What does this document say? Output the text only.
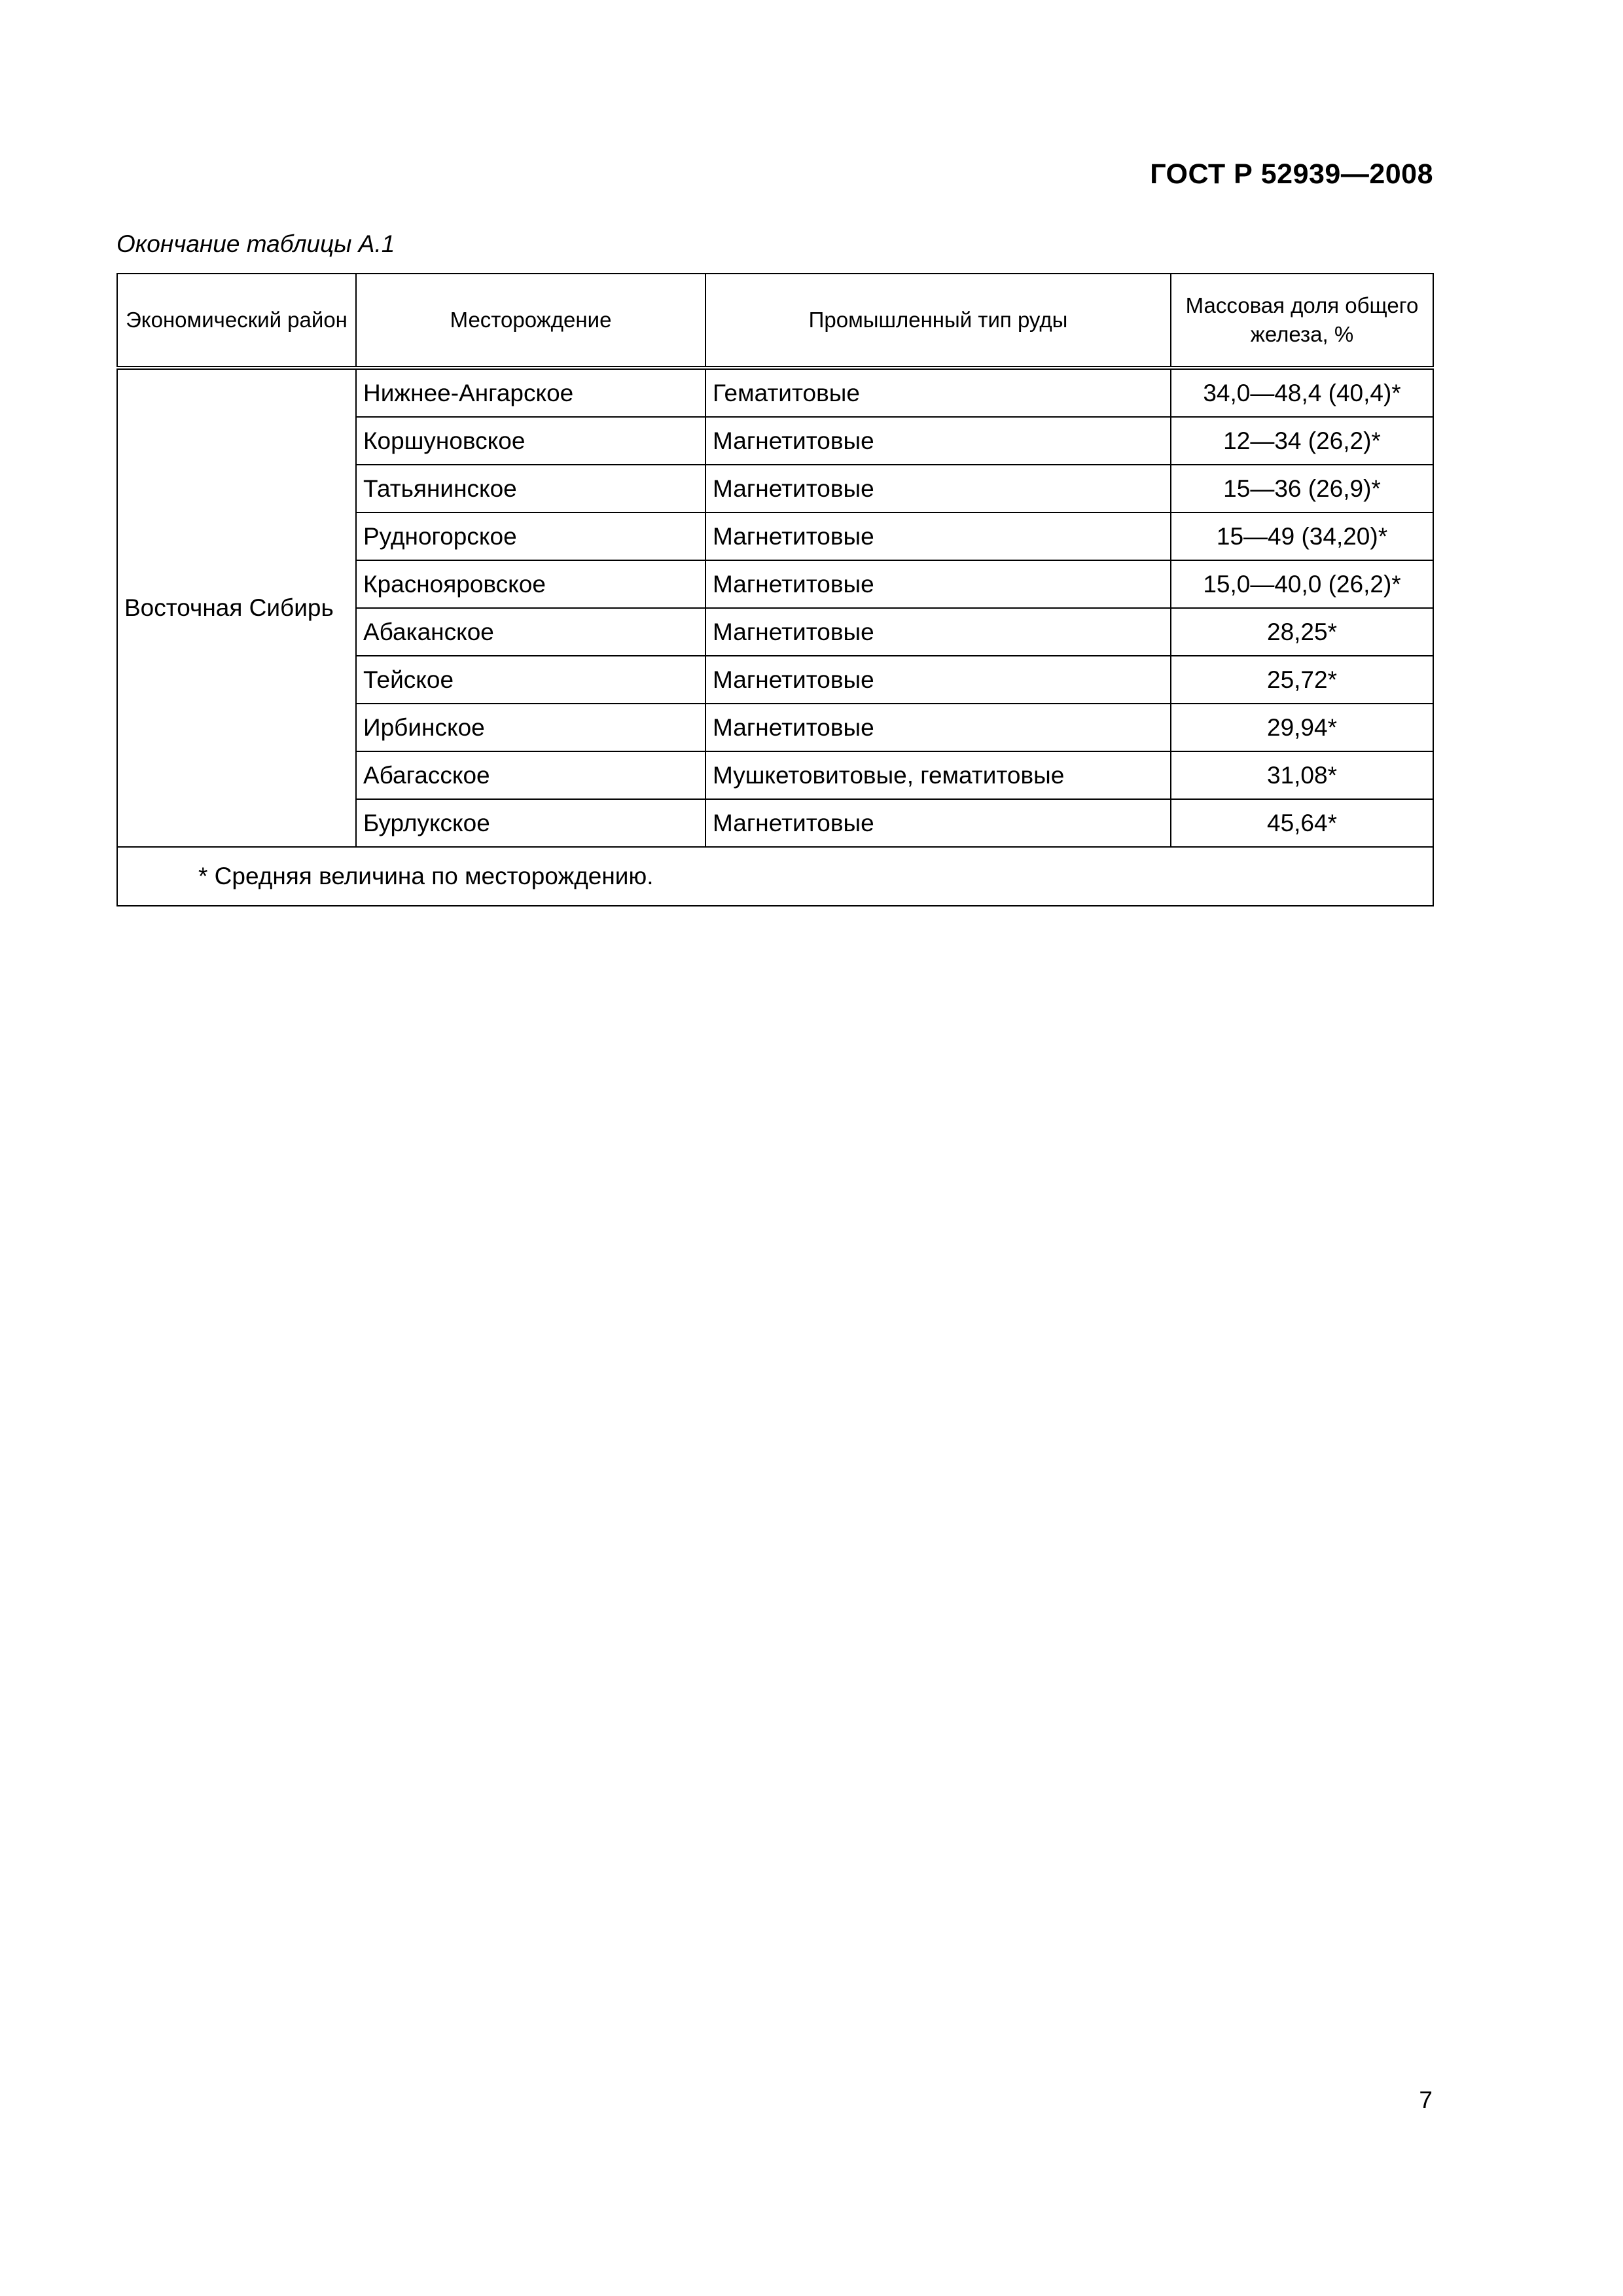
ГОСТ Р 52939—2008
Окончание таблицы А.1
Экономический район	Месторождение	Промышленный тип руды	Массовая доля общего железа, %
Восточная Сибирь	Нижнее-Ангарское	Гематитовые	34,0—48,4 (40,4)*
	Коршуновское	Магнетитовые	12—34 (26,2)*
	Татьянинское	Магнетитовые	15—36 (26,9)*
	Рудногорское	Магнетитовые	15—49 (34,20)*
	Краснояровское	Магнетитовые	15,0—40,0 (26,2)*
	Абаканское	Магнетитовые	28,25*
	Тейское	Магнетитовые	25,72*
	Ирбинское	Магнетитовые	29,94*
	Абагасское	Мушкетовитовые, гематитовые	31,08*
	Бурлукское	Магнетитовые	45,64*
* Средняя величина по месторождению.			
7
